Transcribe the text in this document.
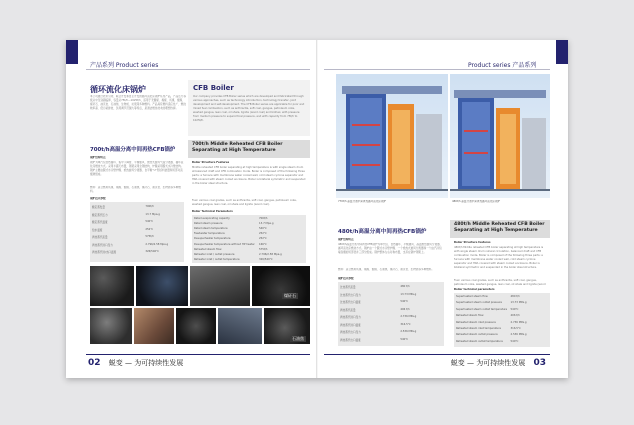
产品系列 Product series
循环流化床锅炉

本公司通过技术引进、联合开发和自主开发的循环流化床锅炉系列产品，产品压力等级从中压到超临界，容量从75t/h—1025t/h，适用于无烟煤、褐煤、贫煤、烟煤、煤矸石、油页岩、石油焦、生物质、垃圾等多种燃料。产品具有燃料适应性广、燃烧效率高、低污染排放、负荷调节范围大等特点，是清洁燃烧技术的理想选择。

CFB Boiler

Our company provides CFB Boiler series which are developed and fabricated through various approaches, such as technology introduction, technology transfer, joint development and self-development. The CFB Boiler series are applicable for poor and mixed fuel combustion, such as anthracite, soft coal, gangue, petroleum coke, washed gangue, lean coal, oil shale, lignite (wood coal) and biofuel, with pressure from medium pressure to supercritical pressure, and with capacity from 75t/h to 1025t/h.

700t/h高温分离中间再热CFB锅炉
700t/h Middle Reheated CFB Boiler Separating at High Temperature
锅炉结构特点
锅炉为单汽包自然循环、集中下降管、平衡通风、绝热式旋风气固分离器、循环流化床燃烧方式。采用半露天布置，钢架采用全钢结构，炉膛采用膜式水冷壁结构。锅炉主要由膜式水冷壁炉膛、绝热旋风分离器、自平衡“U”形返料装置和尾部对流烟道组成。
燃料：适合燃用贫煤、褐煤、烟煤、石油焦、煤矸石、油页岩、生物质等多种燃料。
Boiler Structure Features
Middle reheated CFB boiler separating at high temperature is with single steam drum at balanced draft and CFB combustion mode. Boiler is composed of the following three parts: a furnace with membrane water cooled wall, cold steam cyclone separator and HRA covered with steam cooled enclosure. Boiler is bilateral symmetric and suspended in the boiler steel structure.
Fuel: various coal grades, such as anthracite, soft coal, gangue, petroleum coke, washed gangue, lean coal, oil shale and lignite (wood coal).
锅炉技术参数
Boiler Technical Parameters
煤矸石
石油焦
02 蜕变 — 为可持续性发展
Product series 产品系列
770t/h 高温分离中间再热循环流化床锅炉	480t/h 高温分离中间再热循环流化床锅炉
480t/h高温分离中间再热CFB锅炉
480t/h Middle Reheated CFB Boiler Separating at High Temperature
锅炉结构特点
480t/h高温分离中间再热CFB锅炉为单汽包、自然循环、平衡通风、高温绝热旋风分离器、循环流化床燃烧方式。锅炉由一个膜式水冷壁炉膛、一个绝热式旋风分离器和一个由汽冷包墙包覆的尾部竖井三部分组成。锅炉整体左右对称布置，支吊在锅炉钢架上。
燃料：适合燃用贫煤、褐煤、烟煤、石油焦、煤矸石、油页岩、生物质等多种燃料。
锅炉技术参数
Boiler Structure features
480t/h Middle reheated CFB boiler separating at high temperature is with single steam drum natural circulation, balanced draft and CFB combustion mode. Boiler is composed of the following three parts: a furnace with membrane water cooled wall, cold steam cyclone separator and HRA covered with steam cooled enclosure. Boiler is bilateral symmetric and suspended in the boiler steel structure.
Fuel: various coal grades, such as anthracite, soft coal, gangue, petroleum coke, washed gangue, lean coal, oil shale and lignite (wood
Boiler technical parameters
蜕变 — 为可持续性发展 03
额定蒸发量	700t/h
额定蒸汽压力	13.7 Mpa.g
额定蒸汽温度	540℃
给水温度	252℃
再热蒸汽流量	575t/h
再热蒸汽进口压力	2.796/2.58 Mpa.g
再热蒸汽进/出口温度	326/540℃
Rated evaporating capacity	700t/h
Rated steam pressure	13.7 Mpa.g
Rated steam temperature	540℃
Feedwater temperature	252℃
Desuperheater temperature	252℃
Desuperheater temperature without HP heater 166℃
Reheated steam flow	575t/h
Reheater inlet / outlet pressure	2.796/2.58 Mpa.g
Reheater inlet / outlet temperature	326/540℃
过热蒸汽流量	480 t/h
过热蒸汽出口压力	13.73 MPa.g
过热蒸汽出口温度	540℃
再热蒸汽流量	406 t/h
再热蒸汽进口压力	2.736 MPa.g
再热蒸汽进口温度	316.5℃
再热蒸汽出口压力	2.536 MPa.g
再热蒸汽出口温度	540℃
Superheated steam flow	480 t/h
Superheated steam outlet pressure	13.73 MPa.g
Superheated steam outlet temperature 540℃
Reheated steam flow	406 t/h
Reheated steam inlet pressure	2.736 MPa.g
Reheated steam inlet temperature	316.5℃
Reheated steam outlet pressure	2.536 MPa.g
Reheated steam outlet temperature	540℃
